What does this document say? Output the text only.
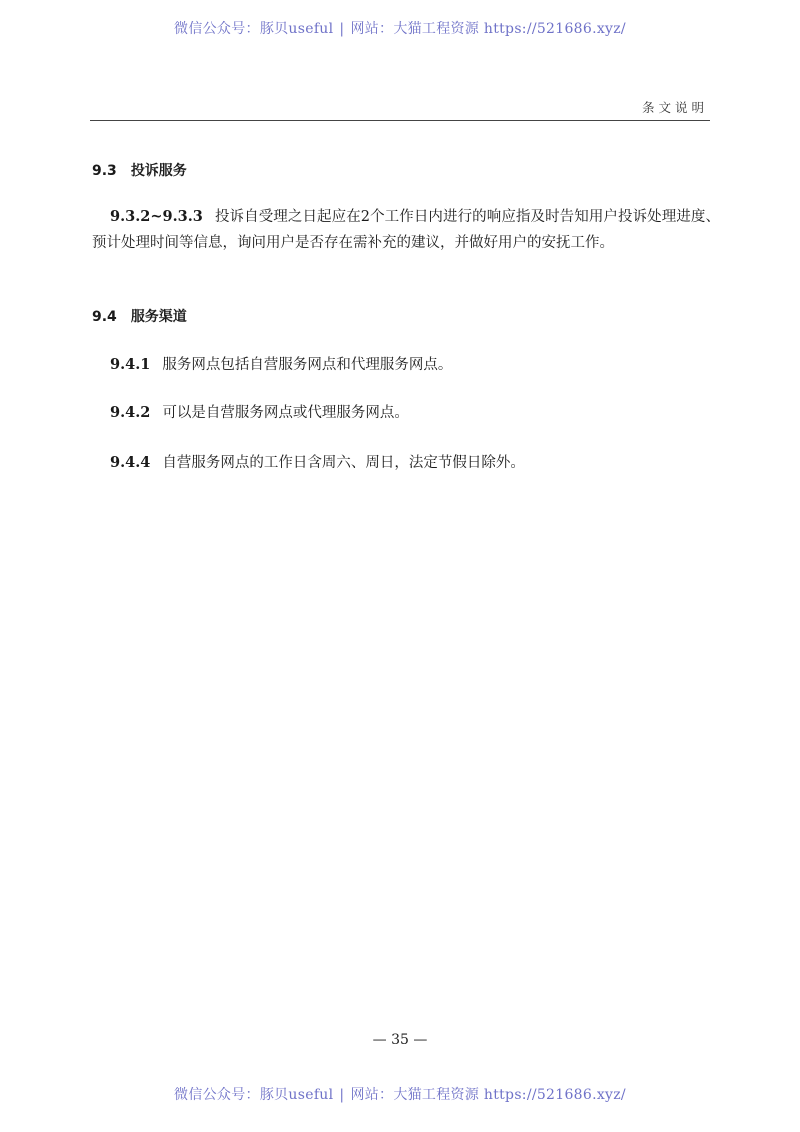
微信公众号：豚贝useful | 网站：大猫工程资源 https://521686.xyz/
条文说明
9.3 投诉服务
9.3.2~9.3.3 投诉自受理之日起应在2个工作日内进行的响应指及时告知用户投诉处理进度、预计处理时间等信息，询问用户是否存在需补充的建议，并做好用户的安抚工作。
9.4 服务渠道
9.4.1 服务网点包括自营服务网点和代理服务网点。
9.4.2 可以是自营服务网点或代理服务网点。
9.4.4 自营服务网点的工作日含周六、周日，法定节假日除外。
— 35 —
微信公众号：豚贝useful | 网站：大猫工程资源 https://521686.xyz/
